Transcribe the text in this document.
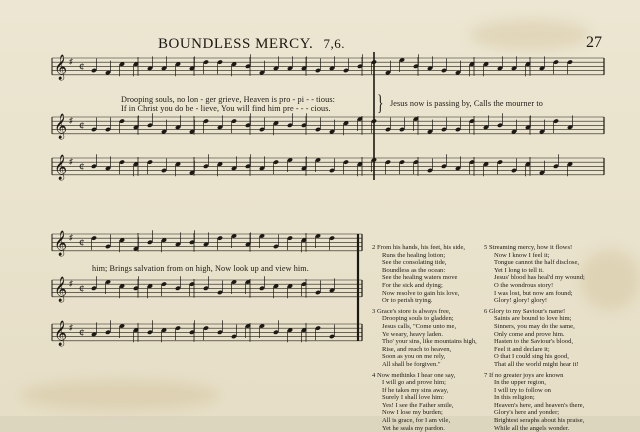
BOUNDLESS MERCY. 7,6.	27
𝄞 ♯ ¢
𝄞 ♯ ¢
𝄞 ♯ ¢
𝄞 ♯ ¢
𝄞 ♯ ¢
𝄞 ♯ ¢
Drooping souls, no lon - ger grieve, Heaven is pro - pi - - tious:
If in Christ you do be - lieve, You will find him pre - - - cious. } Jesus now is passing by, Calls the mourner to
him; Brings salvation from on high, Now look up and view him.
2 From his hands, his feet, his side,
Runs the healing lotion;
See the consolating tide,
Boundless as the ocean:
See the healing waters move
For the sick and dying;
Now resolve to gain his love,
Or to perish trying.

3 Grace's store is always free,
Drooping souls to gladden;
Jesus calls, "Come unto me,
Ye weary, heavy laden.
Tho' your sins, like mountains high,
Rise, and reach to heaven,
Soon as you on me rely,
All shall be forgiven."

4 Now methinks I hear one say,
I will go and prove him;
If he takes my sins away,
Surely I shall love him:
Yes! I see the Father smile,
Now I lose my burden;
All is grace, for I am vile,
Yet he seals my pardon.
5 Streaming mercy, how it flows!
Now I know I feel it;
Tongue cannot the half disclose,
Yet I long to tell it.
Jesus' blood has heal'd my wound;
O the wondrous story!
I was lost, but now am found;
Glory! glory! glory!

6 Glory to my Saviour's name!
Saints are bound to love him;
Sinners, you may do the same,
Only come and prove him.
Hasten to the Saviour's blood,
Feel it and declare it;
O that I could sing his good,
That all the world might hear it!

7 If no greater joys are known
In the upper region,
I will try to follow on
In this religion;
Heaven's here, and heaven's there,
Glory's here and yonder;
Brightest seraphs about his praise,
While all the angels wonder.
